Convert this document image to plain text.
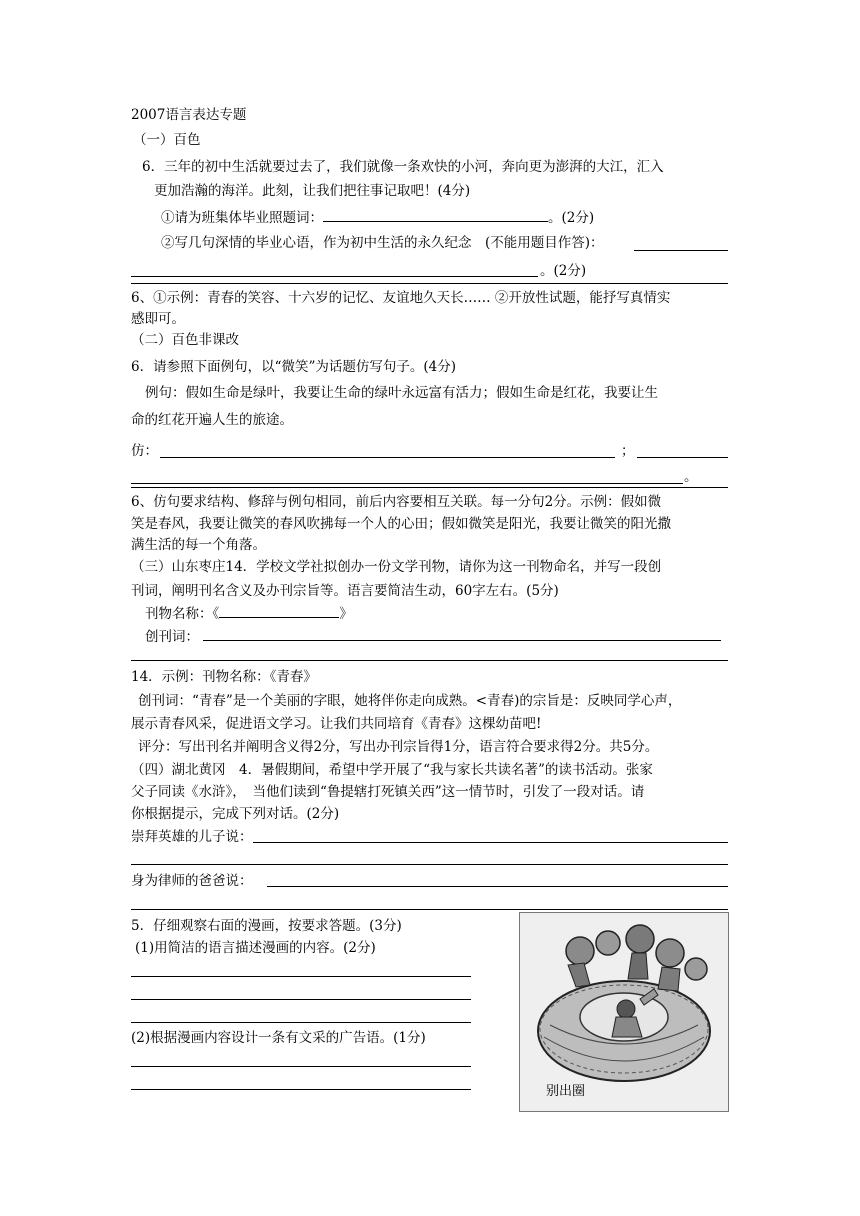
2007语言表达专题
（一）百色
6．三年的初中生活就要过去了，我们就像一条欢快的小河，奔向更为澎湃的大江，汇入
更加浩瀚的海洋。此刻，让我们把往事记取吧！(4分)
①请为班集体毕业照题词：	。(2分)
②写几句深情的毕业心语，作为初中生活的永久纪念　(不能用题目作答)：
。(2分)
6、①示例：青春的笑容、十六岁的记忆、友谊地久天长…… ②开放性试题，能抒写真情实
感即可。
（二）百色非课改
6．请参照下面例句，以“微笑”为话题仿写句子。(4分)
例句：假如生命是绿叶，我要让生命的绿叶永远富有活力；假如生命是红花，我要让生
命的红花开遍人生的旅途。
仿：	；
。
6、仿句要求结构、修辞与例句相同，前后内容要相互关联。每一分句2分。示例：假如微
笑是春风，我要让微笑的春风吹拂每一个人的心田；假如微笑是阳光，我要让微笑的阳光撒
满生活的每一个角落。
（三）山东枣庄14．学校文学社拟创办一份文学刊物，请你为这一刊物命名，并写一段创
刊词，阐明刊名含义及办刊宗旨等。语言要简洁生动，60字左右。(5分)
刊物名称：《	》
创刊词：
14．示例：刊物名称：《青春》
创刊词：“青春”是一个美丽的字眼，她将伴你走向成熟。<青春)的宗旨是：反映同学心声，
展示青春风采，促进语文学习。让我们共同培育《青春》这棵幼苗吧!
评分：写出刊名并阐明含义得2分，写出办刊宗旨得1分，语言符合要求得2分。共5分。
（四）湖北黄冈　4．暑假期间，希望中学开展了“我与家长共读名著”的读书活动。张家
父子同读《水浒》，　当他们读到“鲁提辖打死镇关西”这一情节时，引发了一段对话。请
你根据提示，完成下列对话。(2分)
崇拜英雄的儿子说：
身为律师的爸爸说：
5．仔细观察右面的漫画，按要求答题。(3分)
(1)用简洁的语言描述漫画的内容。(2分)
(2)根据漫画内容设计一条有文采的广告语。(1分)
别出圈
